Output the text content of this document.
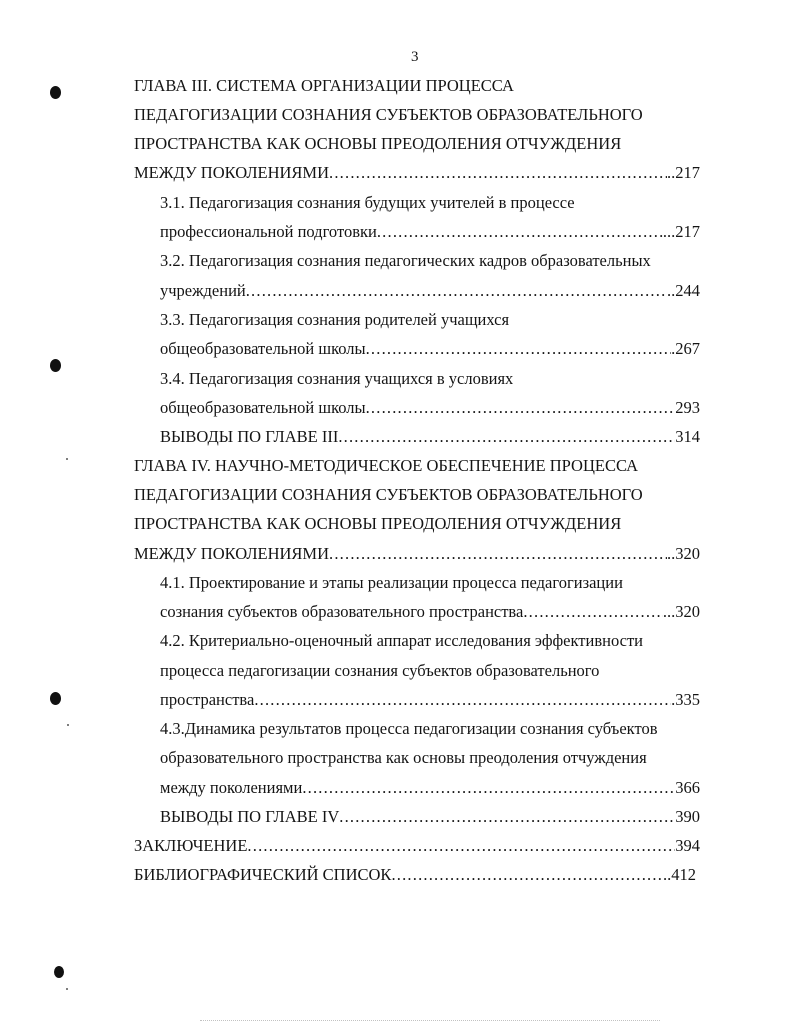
3
ГЛАВА III. СИСТЕМА ОРГАНИЗАЦИИ ПРОЦЕССА
ПЕДАГОГИЗАЦИИ СОЗНАНИЯ СУБЪЕКТОВ ОБРАЗОВАТЕЛЬНОГО
ПРОСТРАНСТВА КАК ОСНОВЫ ПРЕОДОЛЕНИЯ ОТЧУЖДЕНИЯ
МЕЖДУ ПОКОЛЕНИЯМИ .....	..217
3.1. Педагогизация сознания будущих учителей в процессе
профессиональной подготовки .....	...217
3.2. Педагогизация сознания педагогических кадров образовательных
учреждений .....	..244
3.3. Педагогизация сознания родителей учащихся
общеобразовательной школы .....	.267
3.4. Педагогизация сознания учащихся в условиях
общеобразовательной школы .....	293
ВЫВОДЫ ПО ГЛАВЕ III .....	314
ГЛАВА IV. НАУЧНО-МЕТОДИЧЕСКОЕ ОБЕСПЕЧЕНИЕ ПРОЦЕССА
ПЕДАГОГИЗАЦИИ СОЗНАНИЯ СУБЪЕКТОВ ОБРАЗОВАТЕЛЬНОГО
ПРОСТРАНСТВА КАК ОСНОВЫ ПРЕОДОЛЕНИЯ ОТЧУЖДЕНИЯ
МЕЖДУ ПОКОЛЕНИЯМИ .....	..320
4.1. Проектирование и этапы реализации процесса педагогизации
сознания субъектов образовательного пространства .....	...320
4.2. Критериально-оценочный аппарат исследования эффективности
процесса педагогизации сознания субъектов образовательного
пространства .....	.335
4.3.Динамика результатов процесса педагогизации сознания субъектов
образовательного пространства как основы преодоления отчуждения
между поколениями .....	366
ВЫВОДЫ ПО ГЛАВЕ IV .....	390
ЗАКЛЮЧЕНИЕ .....	394
БИБЛИОГРАФИЧЕСКИЙ СПИСОК .....	.412
